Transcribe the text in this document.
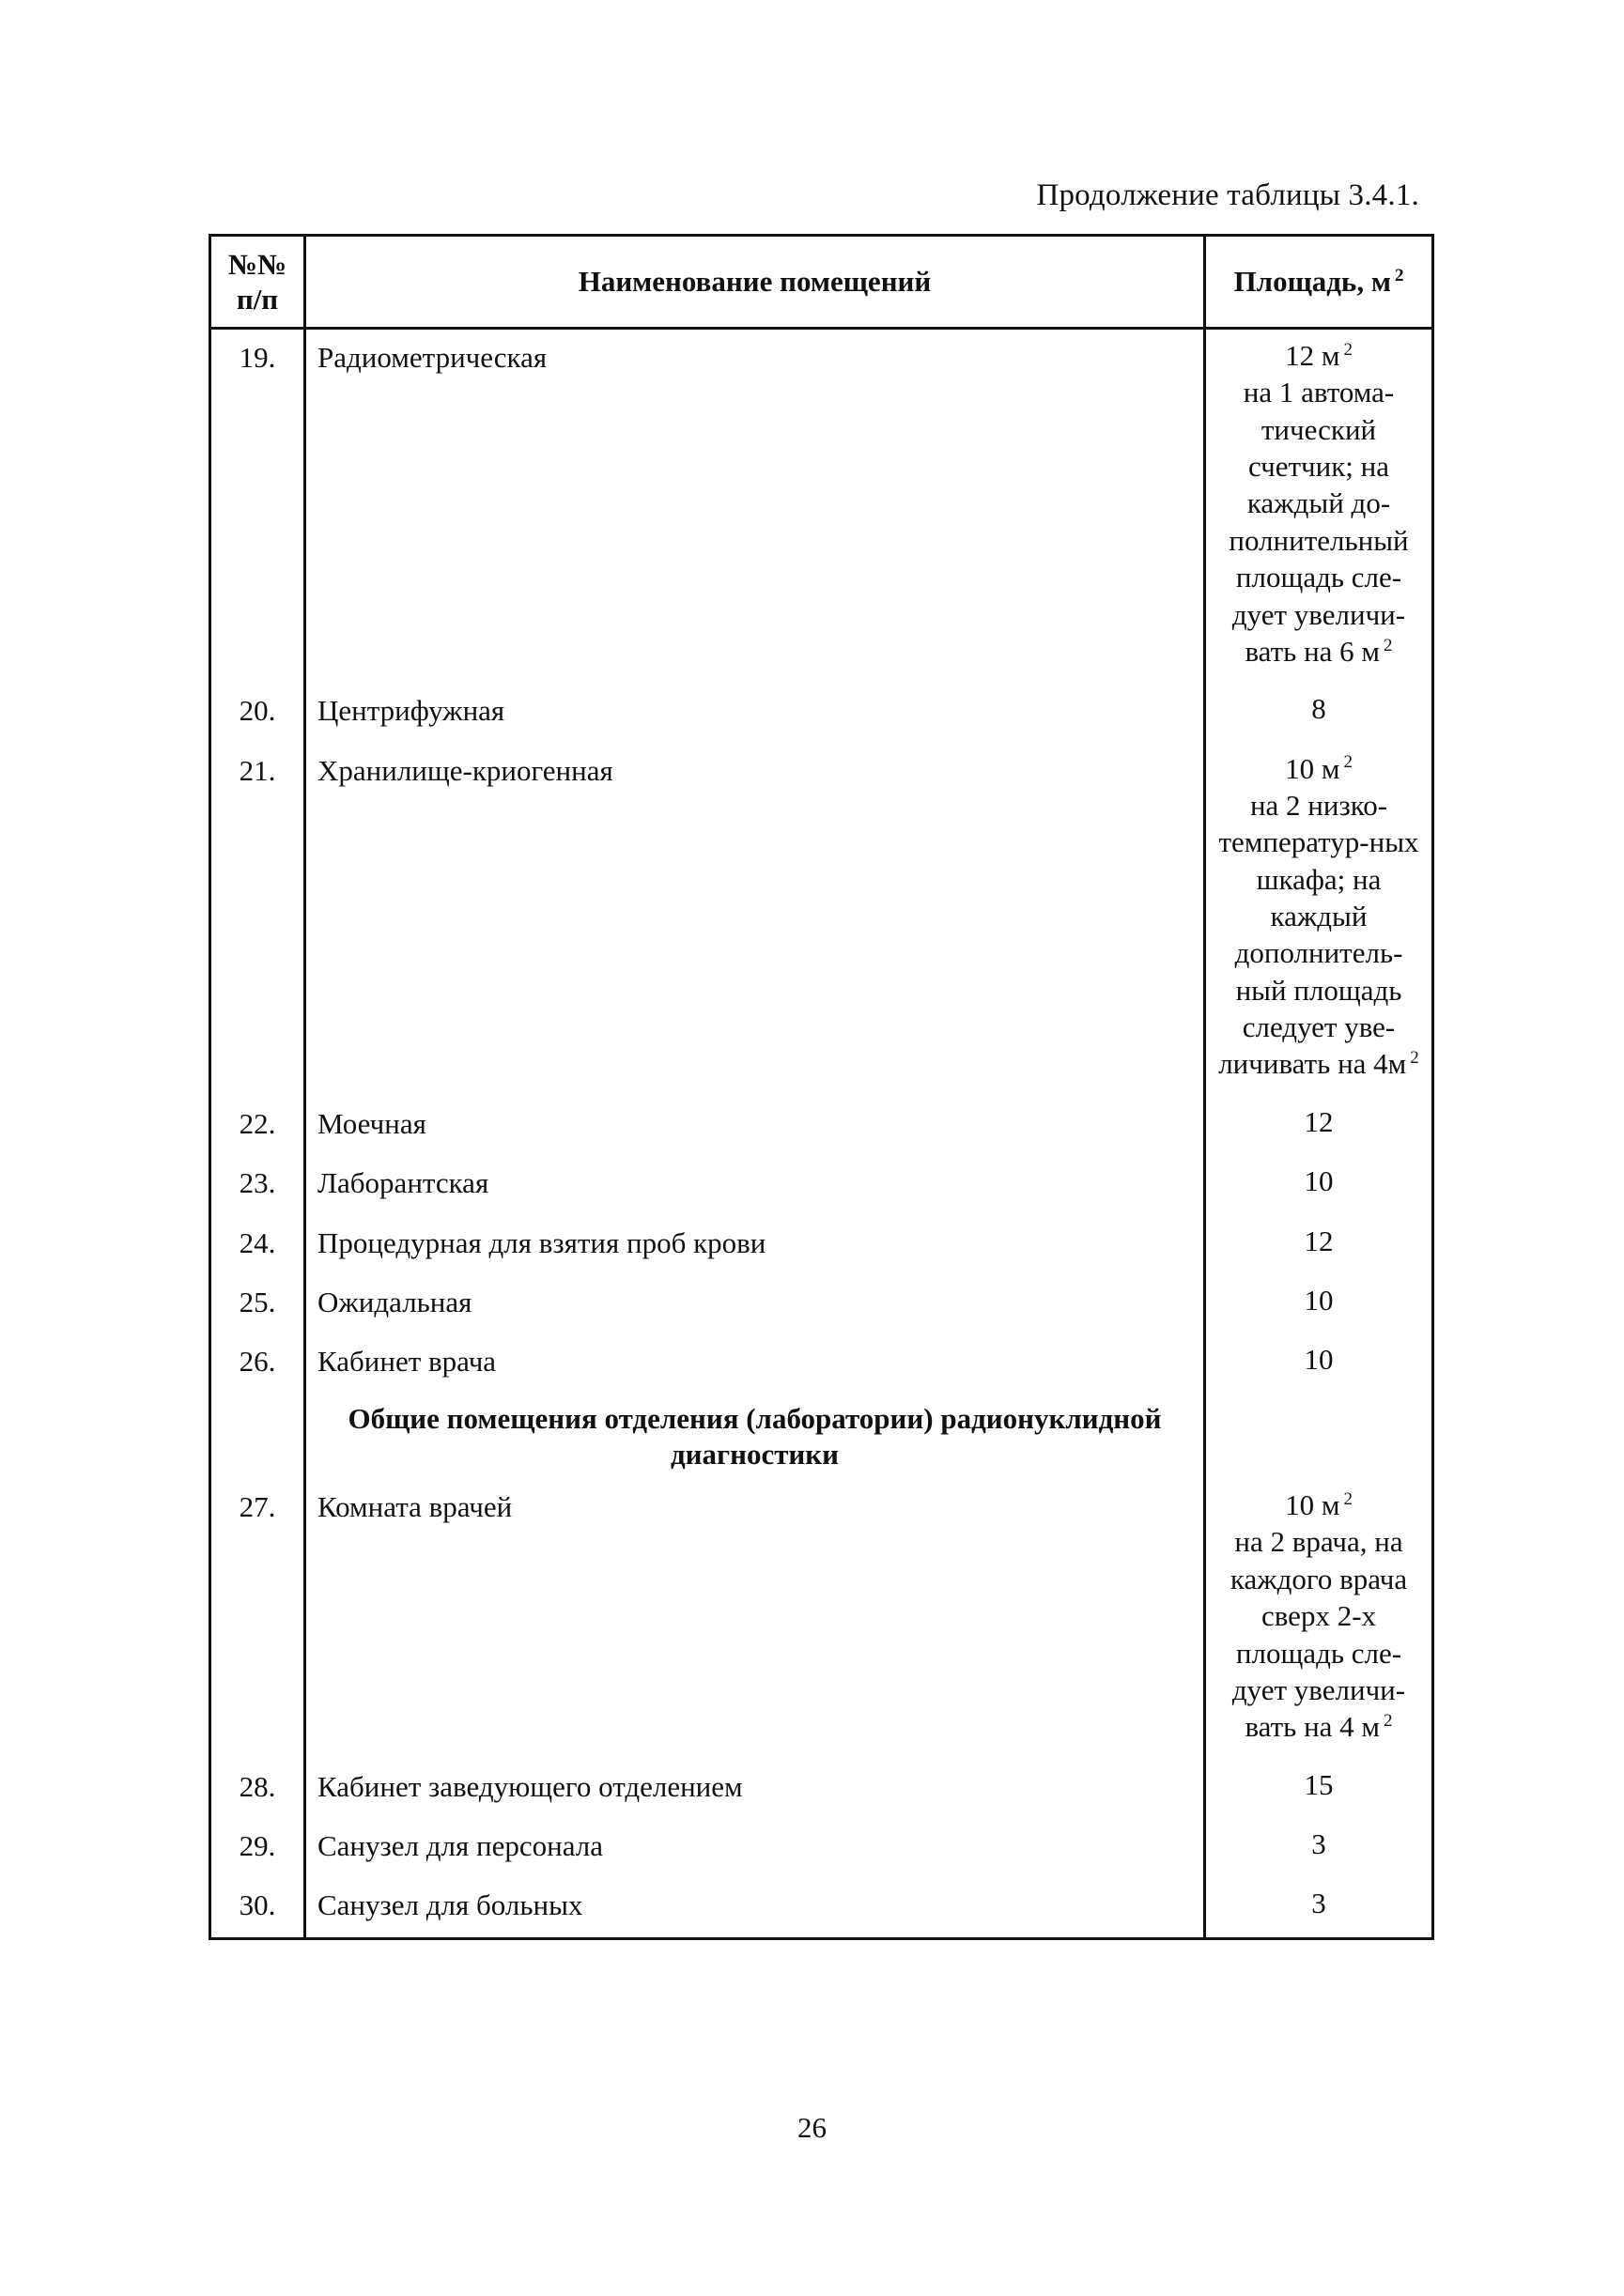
Продолжение таблицы 3.4.1.
№№ п/п	Наименование помещений	Площадь, м $^2$
19.	Радиометрическая	12 м $^2$
на 1 автома-тический счетчик; на каждый до-полнительный площадь сле-дует увеличи-вать на 6 м $^2$

20.	Центрифужная	8
21.	Хранилище-криогенная	10 м $^2$
на 2 низко-температур-ных шкафа; на каждый дополнитель-ный площадь следует уве-личивать на 4м $^2$

22.	Моечная	12
23.	Лаборантская	10
24.	Процедурная для взятия проб крови	12
25.	Ожидальная	10
26.	Кабинет врача	10
	Общие помещения отделения (лаборатории) радионуклидной диагностики	
27.	Комната врачей	10 м $^2$
на 2 врача, на каждого врача сверх 2-х площадь сле-дует увеличи-вать на 4 м $^2$

28.	Кабинет заведующего отделением	15
29.	Санузел для персонала	3
30.	Санузел для больных	3
26
